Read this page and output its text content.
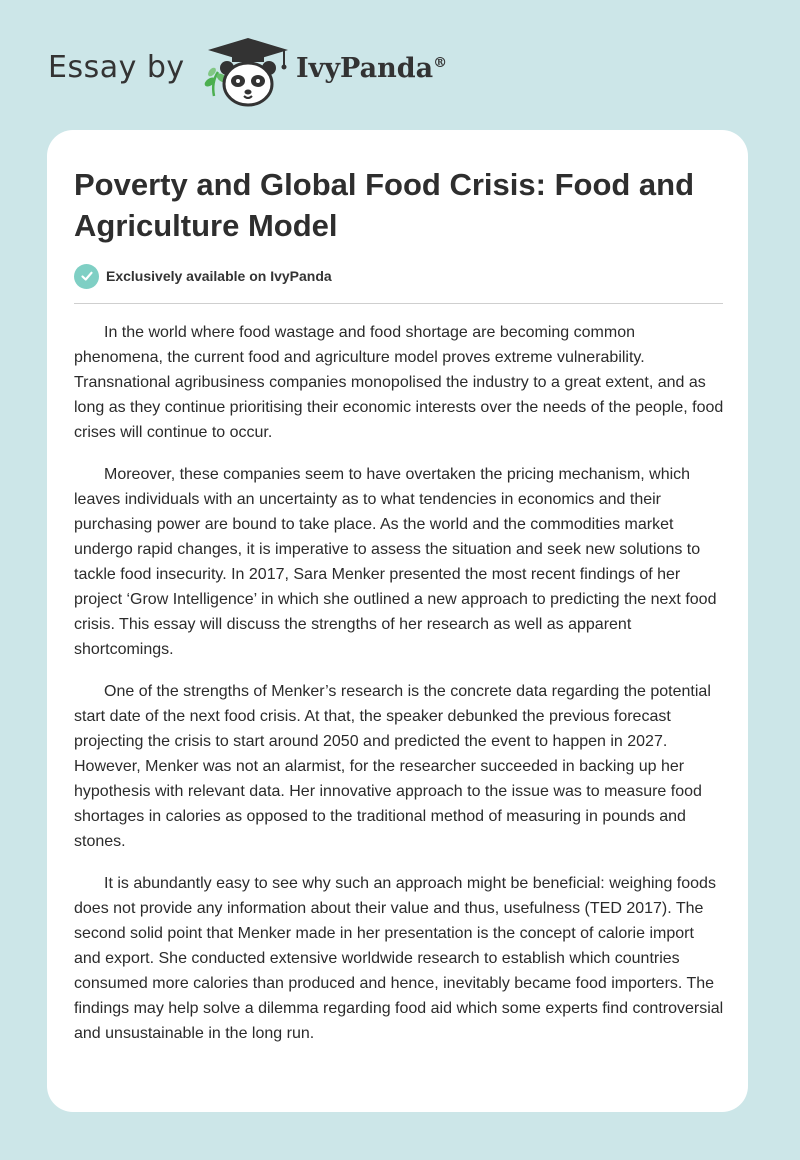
Essay by	IvyPanda®
Poverty and Global Food Crisis: Food and Agriculture Model
Exclusively available on IvyPanda

In the world where food wastage and food shortage are becoming common phenomena, the current food and agriculture model proves extreme vulnerability. Transnational agribusiness companies monopolised the industry to a great extent, and as long as they continue prioritising their economic interests over the needs of the people, food crises will continue to occur.

Moreover, these companies seem to have overtaken the pricing mechanism, which leaves individuals with an uncertainty as to what tendencies in economics and their purchasing power are bound to take place. As the world and the commodities market undergo rapid changes, it is imperative to assess the situation and seek new solutions to tackle food insecurity. In 2017, Sara Menker presented the most recent findings of her project ‘Grow Intelligence’ in which she outlined a new approach to predicting the next food crisis. This essay will discuss the strengths of her research as well as apparent shortcomings.

One of the strengths of Menker’s research is the concrete data regarding the potential start date of the next food crisis. At that, the speaker debunked the previous forecast projecting the crisis to start around 2050 and predicted the event to happen in 2027. However, Menker was not an alarmist, for the researcher succeeded in backing up her hypothesis with relevant data. Her innovative approach to the issue was to measure food shortages in calories as opposed to the traditional method of measuring in pounds and stones.

It is abundantly easy to see why such an approach might be beneficial: weighing foods does not provide any information about their value and thus, usefulness (TED 2017). The second solid point that Menker made in her presentation is the concept of calorie import and export. She conducted extensive worldwide research to establish which countries consumed more calories than produced and hence, inevitably became food importers. The findings may help solve a dilemma regarding food aid which some experts find controversial and unsustainable in the long run.
